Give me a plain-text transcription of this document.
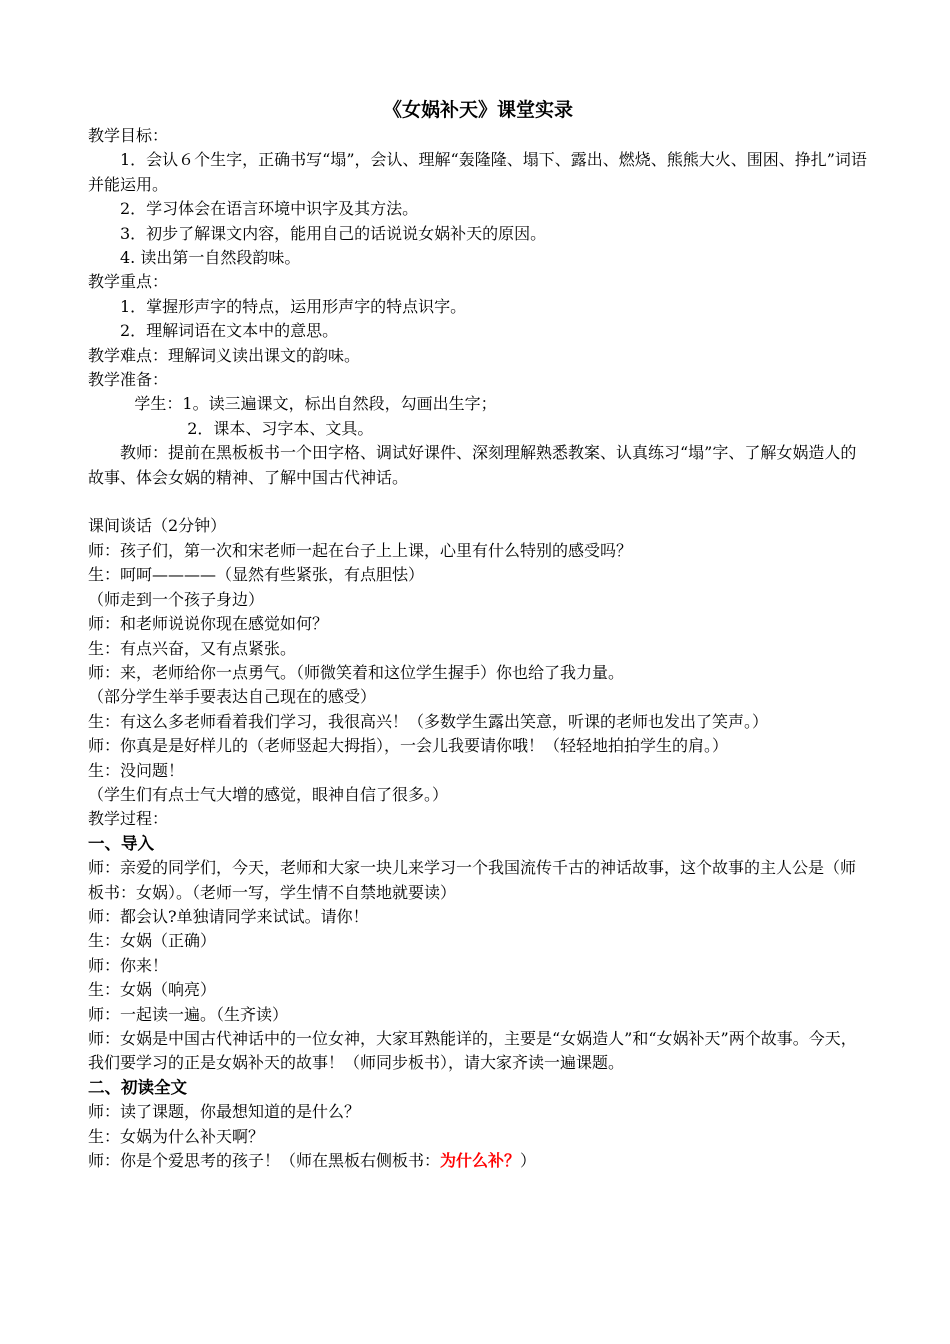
《女娲补天》课堂实录

教学目标：

1．会认６个生字，正确书写“塌”，会认、理解“轰隆隆、塌下、露出、燃烧、熊熊大火、围困、挣扎”词语并能运用。

2．学习体会在语言环境中识字及其方法。

3．初步了解课文内容，能用自己的话说说女娲补天的原因。

4. 读出第一自然段韵味。

教学重点：

1．掌握形声字的特点，运用形声字的特点识字。

2．理解词语在文本中的意思。

教学难点：理解词义读出课文的韵味。

教学准备：

学生：1。读三遍课文，标出自然段，勾画出生字；

2．课本、习字本、文具。

教师：提前在黑板板书一个田字格、调试好课件、深刻理解熟悉教案、认真练习“塌”字、了解女娲造人的故事、体会女娲的精神、了解中国古代神话。

课间谈话（2分钟）

师：孩子们，第一次和宋老师一起在台子上上课，心里有什么特别的感受吗？

生：呵呵————（显然有些紧张，有点胆怯）

（师走到一个孩子身边）

师：和老师说说你现在感觉如何？

生：有点兴奋，又有点紧张。

师：来，老师给你一点勇气。（师微笑着和这位学生握手）你也给了我力量。

（部分学生举手要表达自己现在的感受）

生：有这么多老师看着我们学习，我很高兴！（多数学生露出笑意，听课的老师也发出了笑声。）

师：你真是是好样儿的（老师竖起大拇指），一会儿我要请你哦！（轻轻地拍拍学生的肩。）

生：没问题！

（学生们有点士气大增的感觉，眼神自信了很多。）

教学过程：

一、导入

师：亲爱的同学们，今天，老师和大家一块儿来学习一个我国流传千古的神话故事，这个故事的主人公是（师板书：女娲）。（老师一写，学生情不自禁地就要读）

师：都会认?单独请同学来试试。请你！

生：女娲（正确）

师：你来！

生：女娲（响亮）

师：一起读一遍。（生齐读）

师：女娲是中国古代神话中的一位女神，大家耳熟能详的，主要是“女娲造人”和“女娲补天”两个故事。今天，我们要学习的正是女娲补天的故事！（师同步板书），请大家齐读一遍课题。

二、初读全文

师：读了课题，你最想知道的是什么？

生：女娲为什么补天啊？

师：你是个爱思考的孩子！（师在黑板右侧板书：为什么补？）
